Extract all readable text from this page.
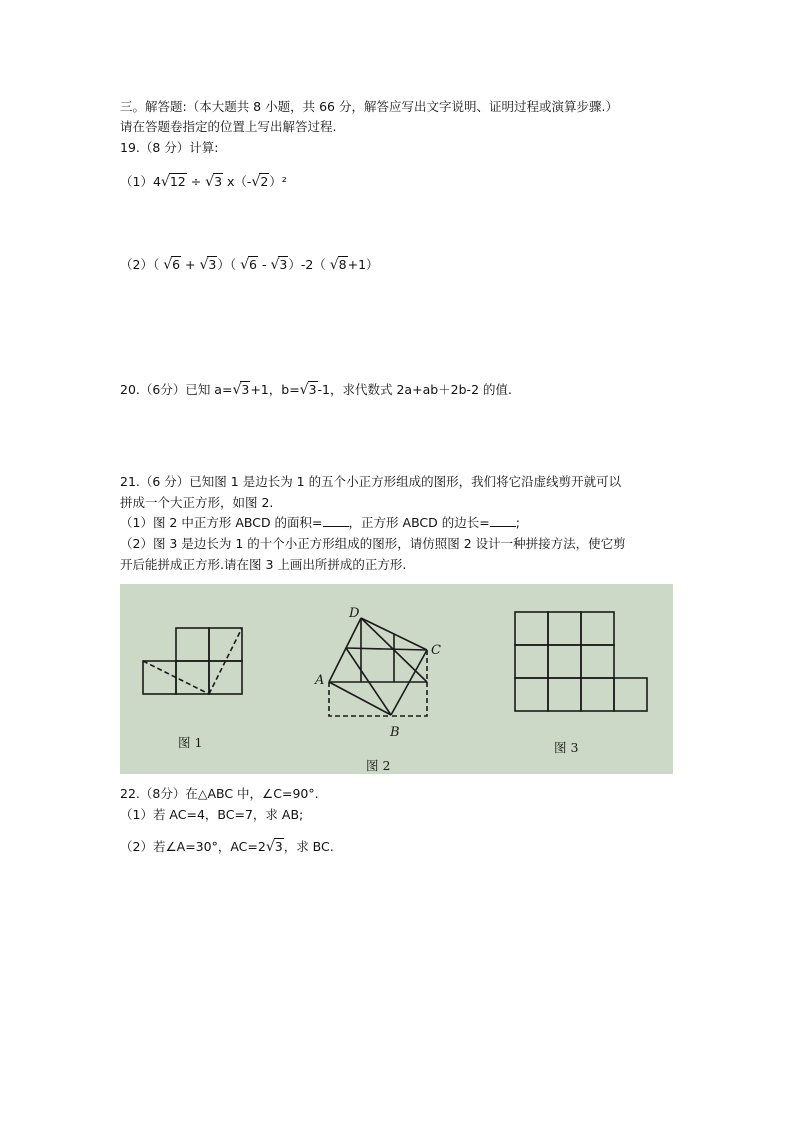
三。解答题:（本大题共 8 小题，共 66 分，解答应写出文字说明、证明过程或演算步骤.）
请在答题卷指定的位置上写出解答过程.
19.（8 分）计算:
（1）4√12 ÷ √3 x（-√2）²
（2）（ √6 + √3）（ √6 - √3）-2（ √8+1）
20.（6分）已知 a=√3+1，b=√3-1，求代数式 2a+ab＋2b-2 的值.
21.（6 分）已知图 1 是边长为 1 的五个小正方形组成的图形，我们将它沿虚线剪开就可以
拼成一个大正方形，如图 2.
（1）图 2 中正方形 ABCD 的面积= ，正方形 ABCD 的边长= ;
（2）图 3 是边长为 1 的十个小正方形组成的图形，请仿照图 2 设计一种拼接方法，使它剪
开后能拼成正方形.请在图 3 上画出所拼成的正方形.
D
C
A
B
图 1
图 2
图 3
22.（8分）在△ABC 中，∠C=90°.
（1）若 AC=4，BC=7，求 AB;
（2）若∠A=30°，AC=2√3，求 BC.
